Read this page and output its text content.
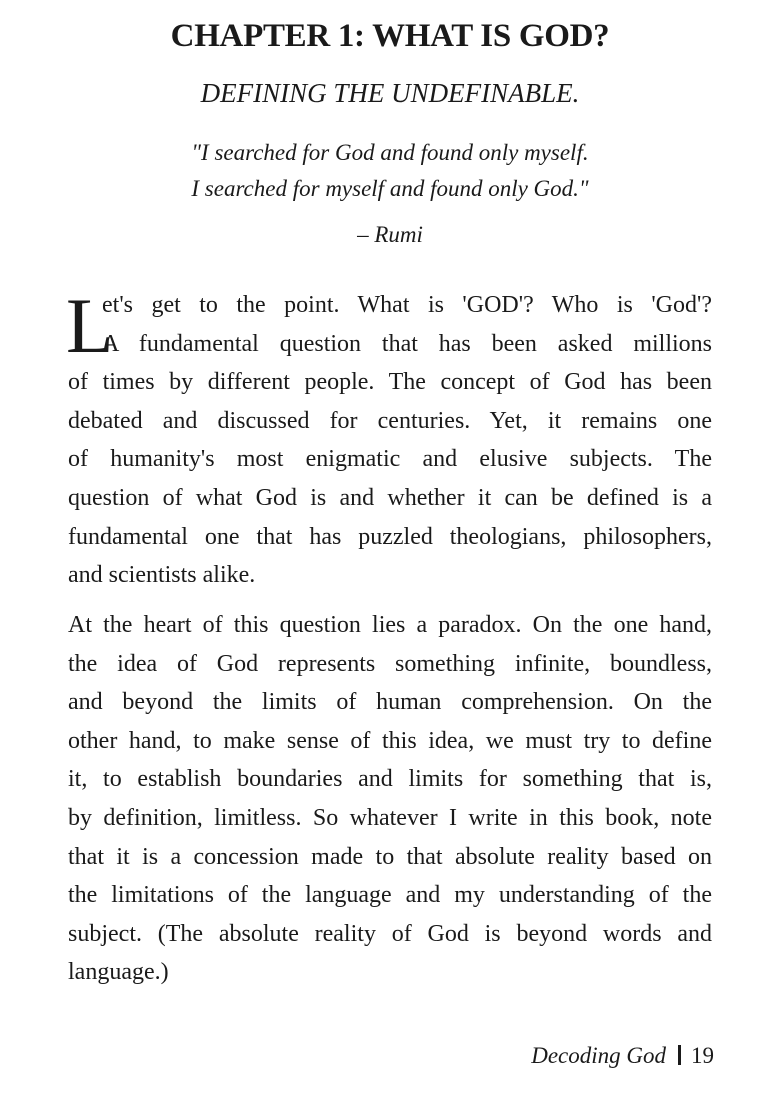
CHAPTER 1: WHAT IS GOD?
DEFINING THE UNDEFINABLE.
"I searched for God and found only myself.
I searched for myself and found only God."
– Rumi
L
et's get to the point. What is 'GOD'? Who is 'God'?
A fundamental question that has been asked millions
of times by different people. The concept of God has been
debated and discussed for centuries. Yet, it remains one
of humanity's most enigmatic and elusive subjects. The
question of what God is and whether it can be defined is a
fundamental one that has puzzled theologians, philosophers,
and scientists alike.
At the heart of this question lies a paradox. On the one hand,
the idea of God represents something infinite, boundless,
and beyond the limits of human comprehension. On the
other hand, to make sense of this idea, we must try to define
it, to establish boundaries and limits for something that is,
by definition, limitless. So whatever I write in this book, note
that it is a concession made to that absolute reality based on
the limitations of the language and my understanding of the
subject. (The absolute reality of God is beyond words and
language.)
Decoding God 19
